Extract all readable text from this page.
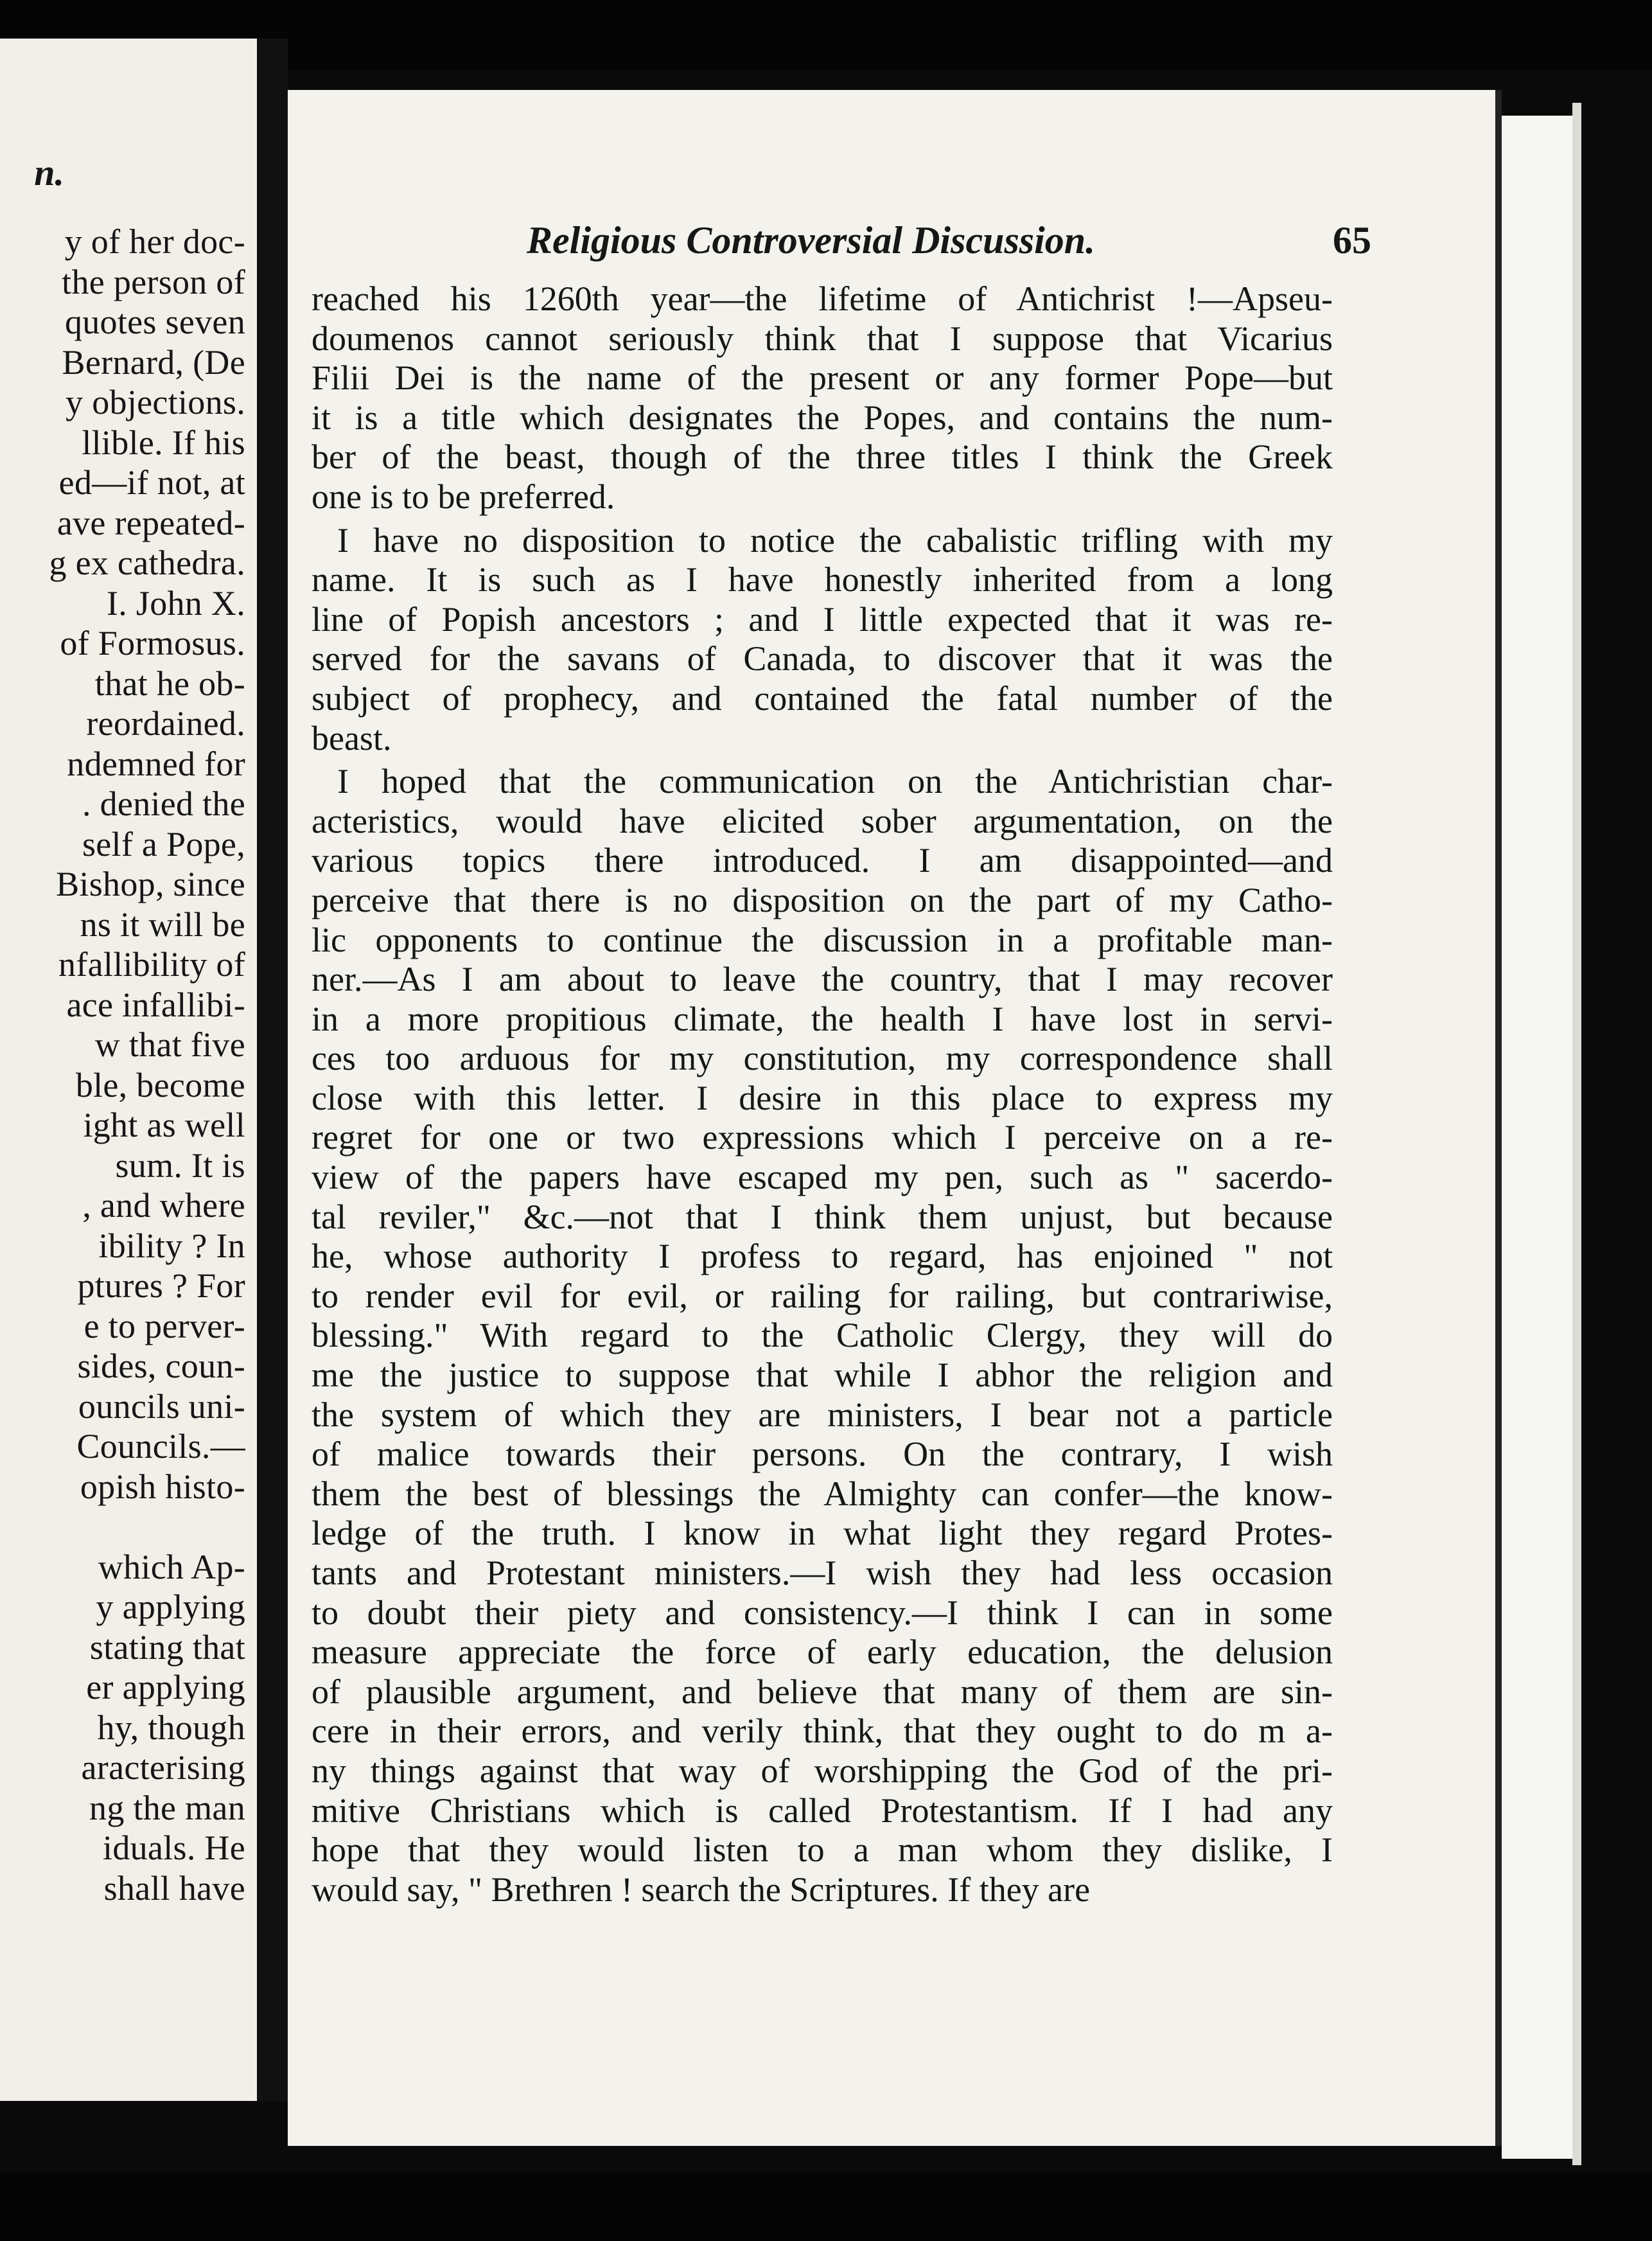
n.
y of her doc-
the person of
quotes seven
Bernard, (De
y objections.
llible. If his
ed—if not, at
ave repeated-
g ex cathedra.
I. John X.
of Formosus.
that he ob-
reordained.
ndemned for
. denied the
self a Pope,
Bishop, since
ns it will be
nfallibility of
ace infallibi-
w that five
ble, become
ight as well
sum. It is
, and where
ibility ? In
ptures ? For
e to perver-
sides, coun-
ouncils uni-
Councils.—
opish histo-

which Ap-
y applying
stating that
er applying
hy, though
aracterising
ng the man
iduals. He
shall have
Religious Controversial Discussion.	65
reached his 1260th year—the lifetime of Antichrist !—Apseu-
doumenos cannot seriously think that I suppose that Vicarius
Filii Dei is the name of the present or any former Pope—but
it is a title which designates the Popes, and contains the num-
ber of the beast, though of the three titles I think the Greek
one is to be preferred.
I have no disposition to notice the cabalistic trifling with my
name. It is such as I have honestly inherited from a long
line of Popish ancestors ; and I little expected that it was re-
served for the savans of Canada, to discover that it was the
subject of prophecy, and contained the fatal number of the
beast.
I hoped that the communication on the Antichristian char-
acteristics, would have elicited sober argumentation, on the
various topics there introduced. I am disappointed—and
perceive that there is no disposition on the part of my Catho-
lic opponents to continue the discussion in a profitable man-
ner.—As I am about to leave the country, that I may recover
in a more propitious climate, the health I have lost in servi-
ces too arduous for my constitution, my correspondence shall
close with this letter. I desire in this place to express my
regret for one or two expressions which I perceive on a re-
view of the papers have escaped my pen, such as " sacerdo-
tal reviler," &c.—not that I think them unjust, but because
he, whose authority I profess to regard, has enjoined " not
to render evil for evil, or railing for railing, but contrariwise,
blessing." With regard to the Catholic Clergy, they will do
me the justice to suppose that while I abhor the religion and
the system of which they are ministers, I bear not a particle
of malice towards their persons. On the contrary, I wish
them the best of blessings the Almighty can confer—the know-
ledge of the truth. I know in what light they regard Protes-
tants and Protestant ministers.—I wish they had less occasion
to doubt their piety and consistency.—I think I can in some
measure appreciate the force of early education, the delusion
of plausible argument, and believe that many of them are sin-
cere in their errors, and verily think, that they ought to do m a-
ny things against that way of worshipping the God of the pri-
mitive Christians which is called Protestantism. If I had any
hope that they would listen to a man whom they dislike, I
would say, " Brethren ! search the Scriptures. If they are
